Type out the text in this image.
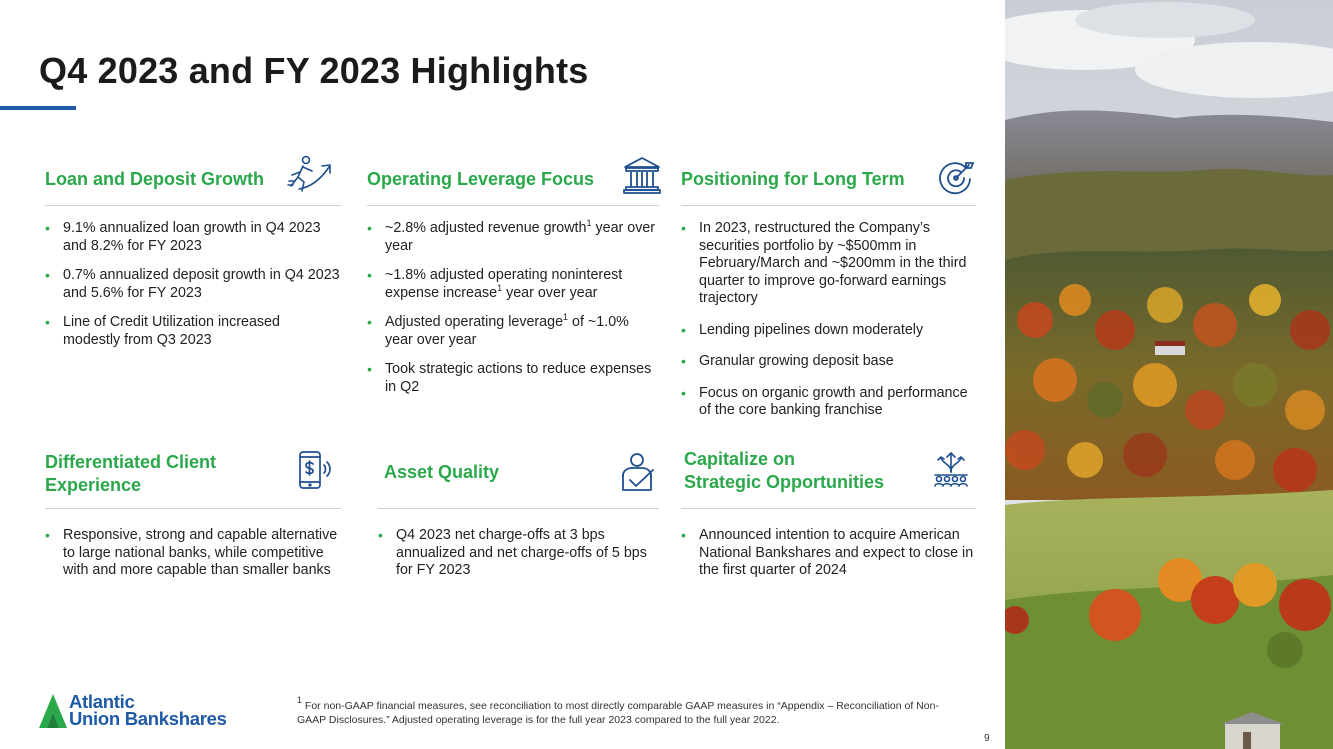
Q4 2023 and FY 2023 Highlights
Loan and Deposit Growth
• 9.1% annualized loan growth in Q4 2023 and 8.2% for FY 2023
• 0.7% annualized deposit growth in Q4 2023 and 5.6% for FY 2023
• Line of Credit Utilization increased modestly from Q3 2023
Operating Leverage Focus
• ~2.8% adjusted revenue growth$^1$ year over year
• ~1.8% adjusted operating noninterest expense increase$^1$ year over year
• Adjusted operating leverage$^1$ of ~1.0% year over year
• Took strategic actions to reduce expenses in Q2
Positioning for Long Term
• In 2023, restructured the Company’s securities portfolio by ~$500mm in February/March and ~$200mm in the third quarter to improve go-forward earnings trajectory
• Lending pipelines down moderately
• Granular growing deposit base
• Focus on organic growth and performance of the core banking franchise
Differentiated Client
Experience
• Responsive, strong and capable alternative to large national banks, while competitive with and more capable than smaller banks
Asset Quality
• Q4 2023 net charge-offs at 3 bps annualized and net charge-offs of 5 bps for FY 2023
Capitalize on
Strategic Opportunities
• Announced intention to acquire American National Bankshares and expect to close in the first quarter of 2024
Atlantic
Union Bankshares
$^1$ For non-GAAP financial measures, see reconciliation to most directly comparable GAAP measures in “Appendix – Reconciliation of Non-GAAP Disclosures.” Adjusted operating leverage is for the full year 2023 compared to the full year 2022.
9
